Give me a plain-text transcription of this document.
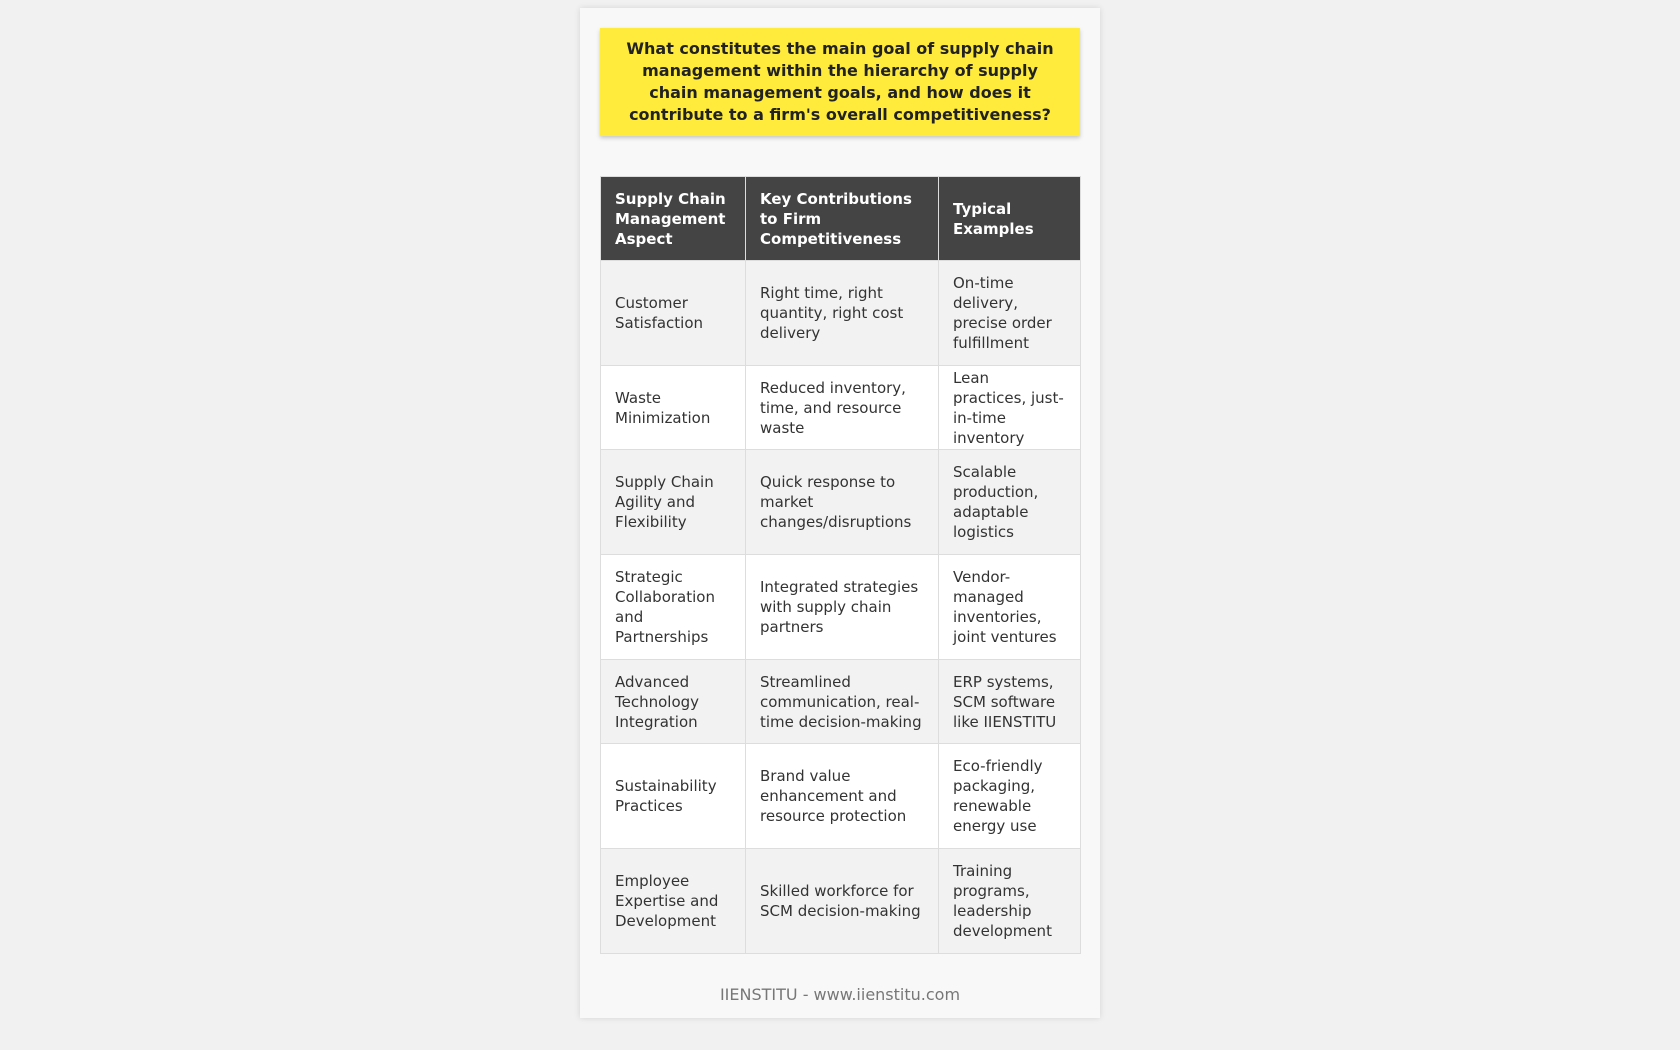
What constitutes the main goal of supply chain management within the hierarchy of supply chain management goals, and how does it contribute to a firm's overall competitiveness?

Supply Chain Management Aspect	Key Contributions to Firm Competitiveness	Typical Examples
Customer Satisfaction	Right time, right quantity, right cost delivery	On-time delivery, precise order fulfillment
Waste Minimization	Reduced inventory, time, and resource waste	Lean practices, just-in-time inventory
Supply Chain Agility and Flexibility	Quick response to market changes/disruptions	Scalable production, adaptable logistics
Strategic Collaboration and Partnerships	Integrated strategies with supply chain partners	Vendor-managed inventories, joint ventures
Advanced Technology Integration	Streamlined communication, real-time decision-making	ERP systems, SCM software like IIENSTITU
Sustainability Practices	Brand value enhancement and resource protection	Eco-friendly packaging, renewable energy use
Employee Expertise and Development	Skilled workforce for SCM decision-making	Training programs, leadership development
IIENSTITU - www.iienstitu.com
